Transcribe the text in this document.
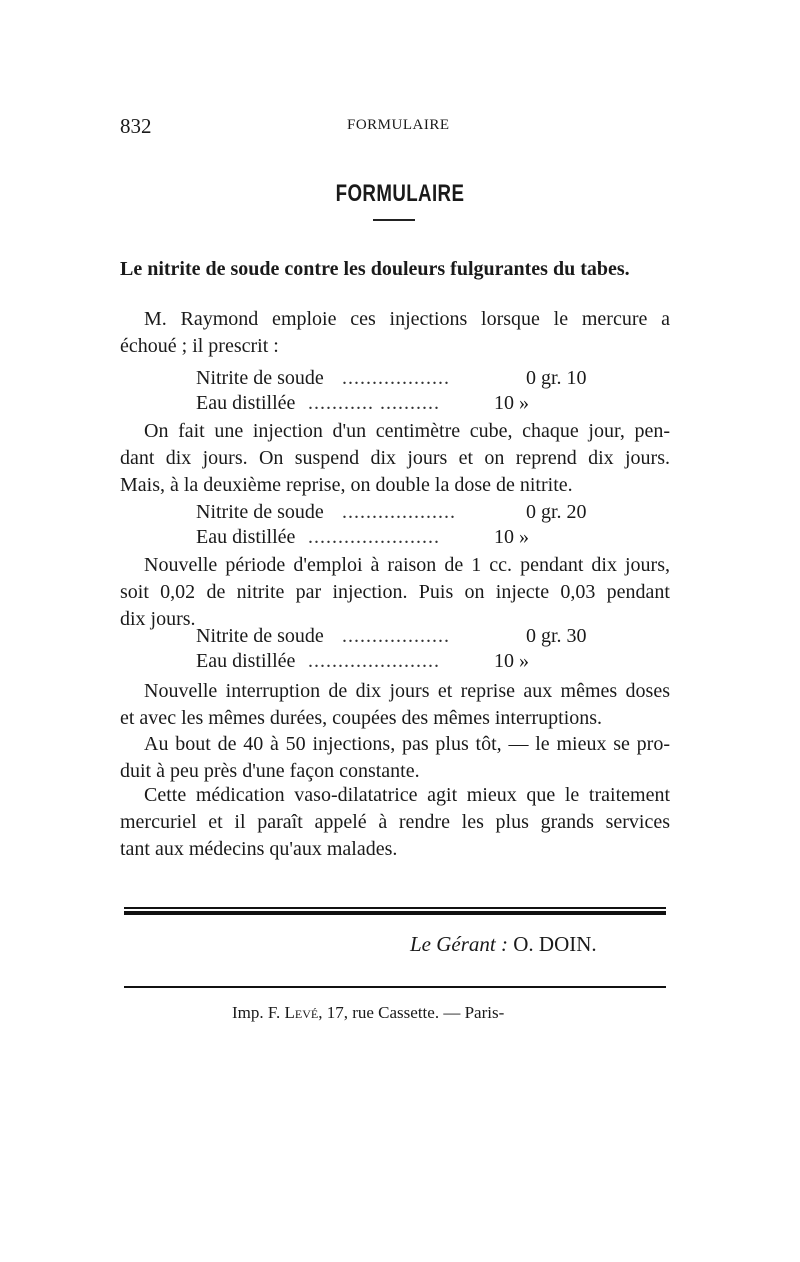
832	FORMULAIRE
FORMULAIRE
Le nitrite de soude contre les douleurs fulgurantes du tabes.
M. Raymond emploie ces injections lorsque le mercure a
échoué ; il prescrit :
Nitrite de soude ..................	0 gr. 10
Eau distillée ........... ..........	10 »
On fait une injection d'un centimètre cube, chaque jour, pen-
dant dix jours. On suspend dix jours et on reprend dix jours.
Mais, à la deuxième reprise, on double la dose de nitrite.
Nitrite de soude ...................	0 gr. 20
Eau distillée ......................	10 »
Nouvelle période d'emploi à raison de 1 cc. pendant dix jours,
soit 0,02 de nitrite par injection. Puis on injecte 0,03 pendant
dix jours.
Nitrite de soude ..................	0 gr. 30
Eau distillée ......................	10 »
Nouvelle interruption de dix jours et reprise aux mêmes doses
et avec les mêmes durées, coupées des mêmes interruptions.
Au bout de 40 à 50 injections, pas plus tôt, — le mieux se pro-
duit à peu près d'une façon constante.
Cette médication vaso-dilatatrice agit mieux que le traitement
mercuriel et il paraît appelé à rendre les plus grands services
tant aux médecins qu'aux malades.
Le Gérant : O. DOIN.
Imp. F. Levé, 17, rue Cassette. — Paris-
